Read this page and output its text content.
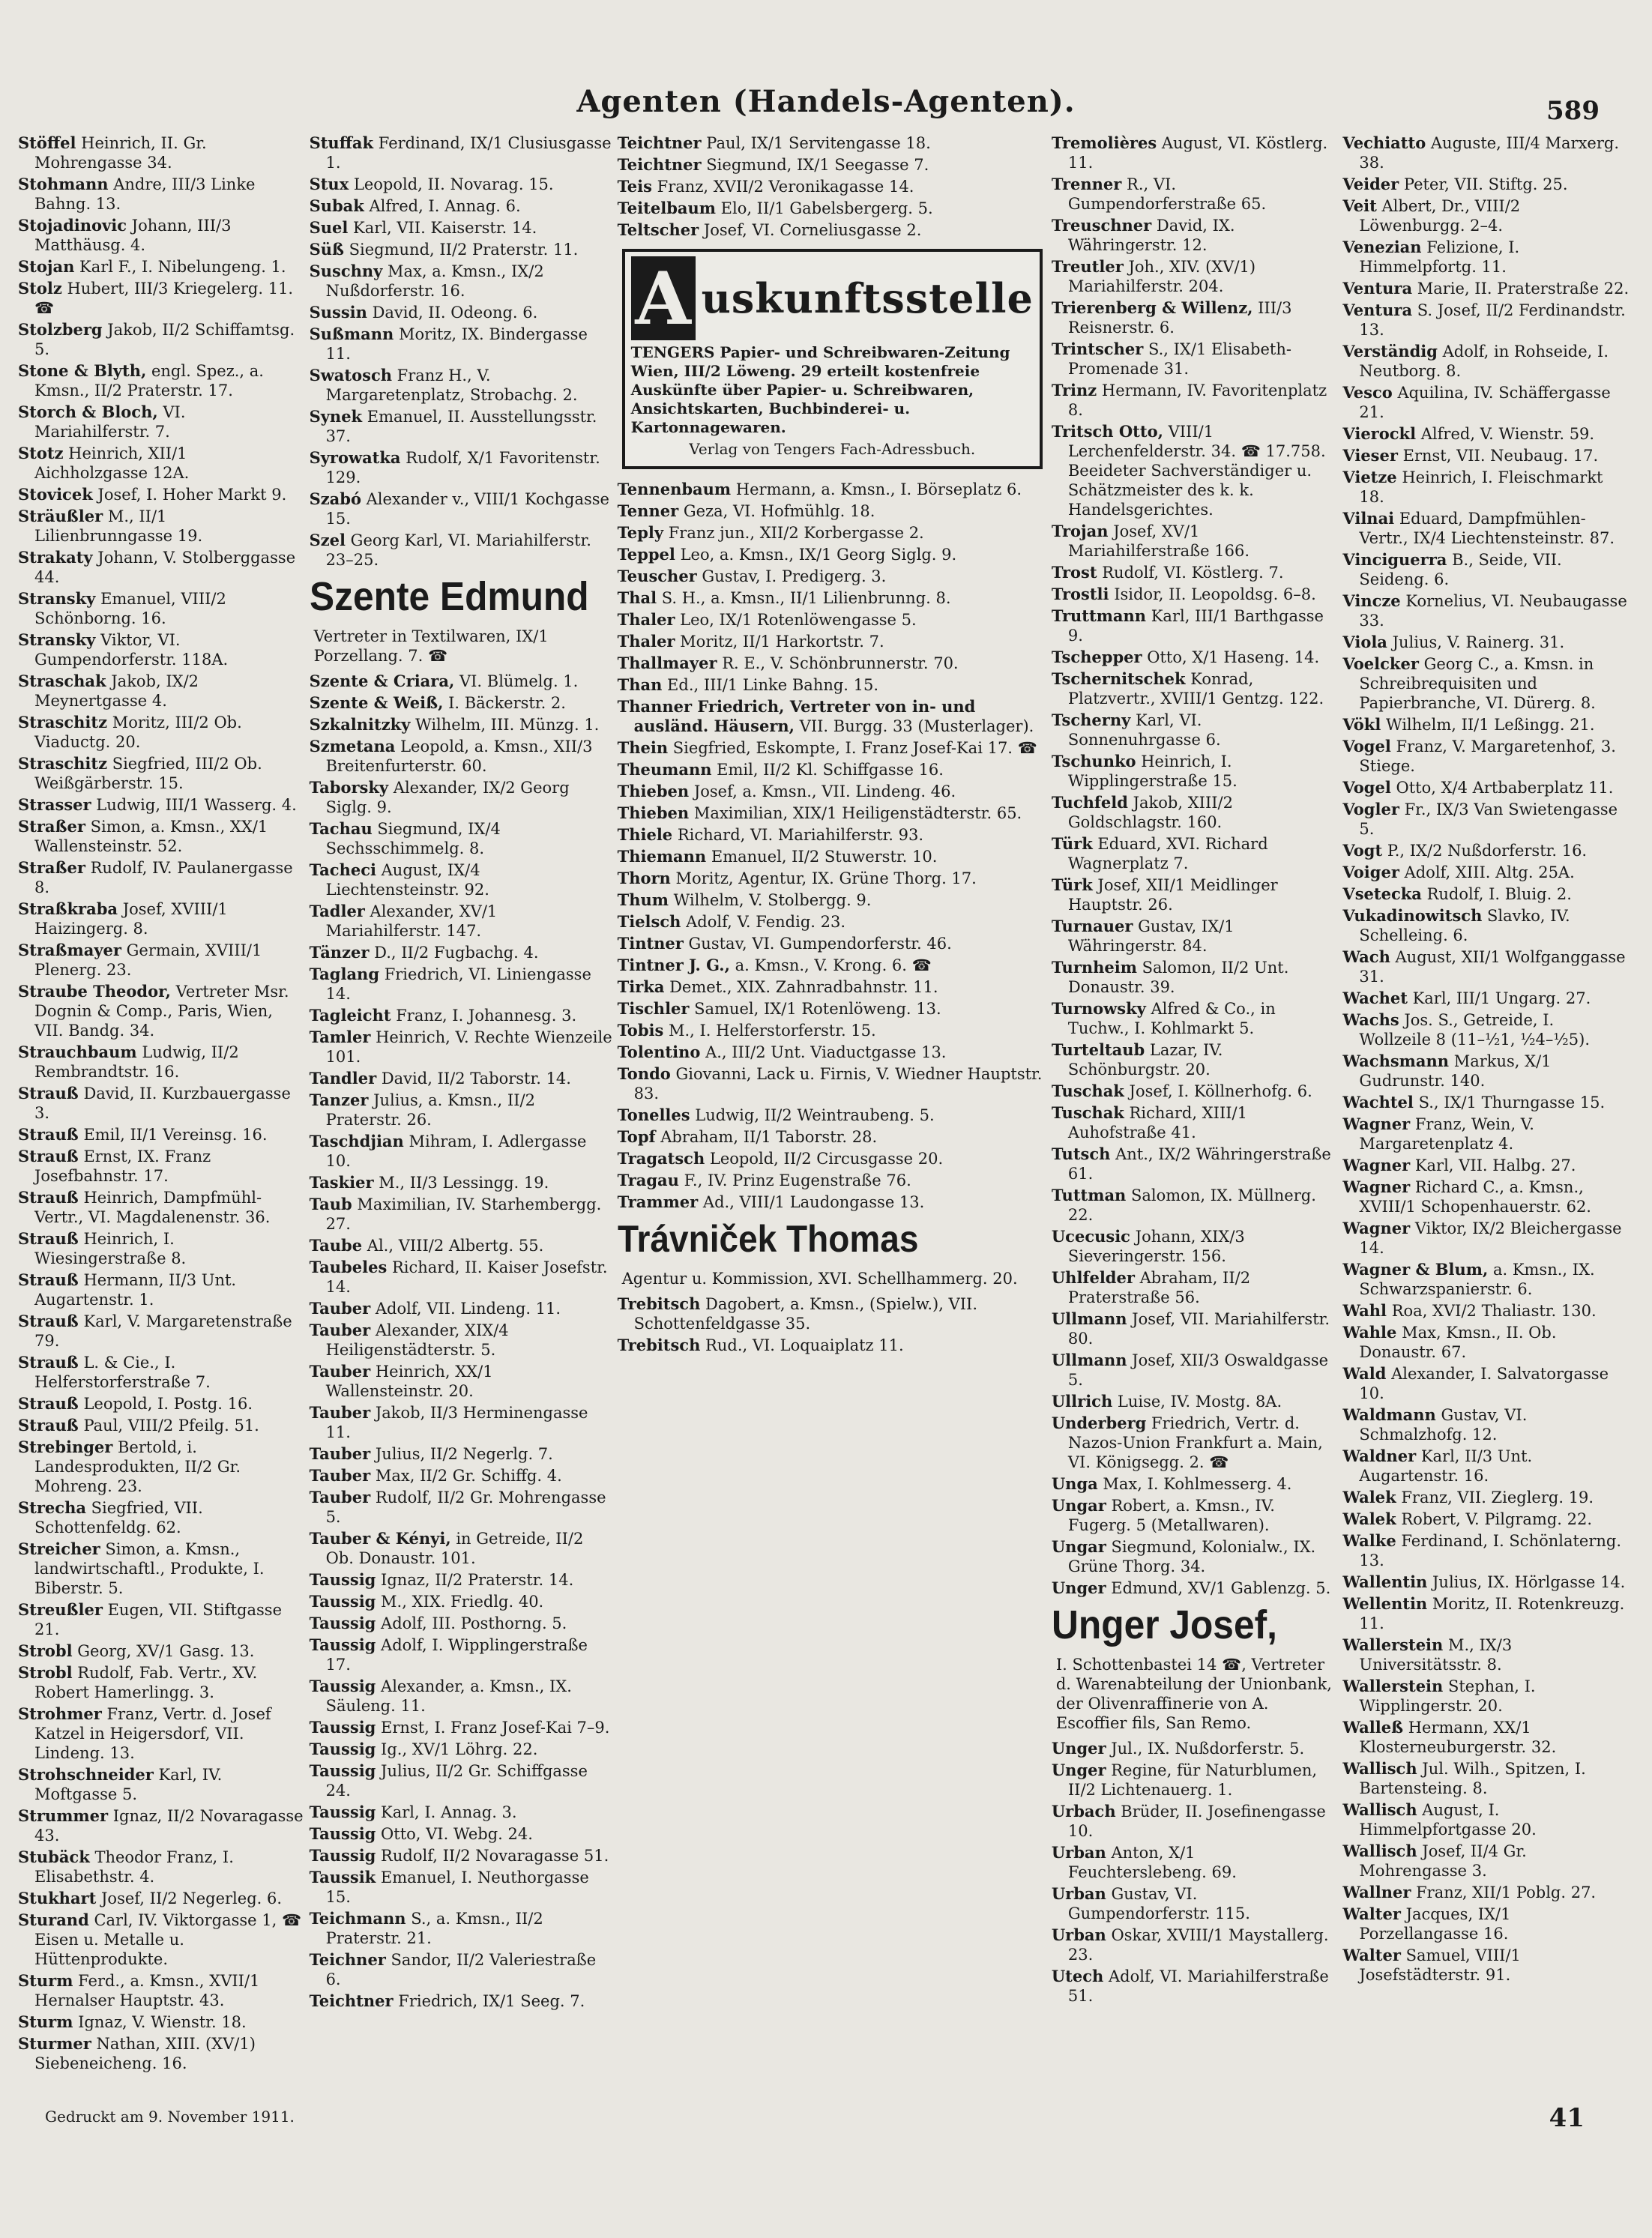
Agenten (Handels-Agenten).	589
Stöffel Heinrich, II. Gr. Mohrengasse 34.
Stohmann Andre, III/3 Linke Bahng. 13.
Stojadinovic Johann, III/3 Matthäusg. 4.
Stojan Karl F., I. Nibelungeng. 1.
Stolz Hubert, III/3 Kriegelerg. 11. ☎
Stolzberg Jakob, II/2 Schiffamtsg. 5.
Stone & Blyth, engl. Spez., a. Kmsn., II/2 Praterstr. 17.
Storch & Bloch, VI. Mariahilferstr. 7.
Stotz Heinrich, XII/1 Aichholzgasse 12A.
Stovicek Josef, I. Hoher Markt 9.
Sträußler M., II/1 Lilienbrunngasse 19.
Strakaty Johann, V. Stolberggasse 44.
Stransky Emanuel, VIII/2 Schönborng. 16.
Stransky Viktor, VI. Gumpendorferstr. 118A.
Straschak Jakob, IX/2 Meynertgasse 4.
Straschitz Moritz, III/2 Ob. Viaductg. 20.
Straschitz Siegfried, III/2 Ob. Weißgärberstr. 15.
Strasser Ludwig, III/1 Wasserg. 4.
Straßer Simon, a. Kmsn., XX/1 Wallensteinstr. 52.
Straßer Rudolf, IV. Paulanergasse 8.
Straßkraba Josef, XVIII/1 Haizingerg. 8.
Straßmayer Germain, XVIII/1 Plenerg. 23.
Straube Theodor, Vertreter Msr. Dognin & Comp., Paris, Wien, VII. Bandg. 34.
Strauchbaum Ludwig, II/2 Rembrandtstr. 16.
Strauß David, II. Kurzbauergasse 3.
Strauß Emil, II/1 Vereinsg. 16.
Strauß Ernst, IX. Franz Josefbahnstr. 17.
Strauß Heinrich, Dampfmühl-Vertr., VI. Magdalenenstr. 36.
Strauß Heinrich, I. Wiesingerstraße 8.
Strauß Hermann, II/3 Unt. Augartenstr. 1.
Strauß Karl, V. Margaretenstraße 79.
Strauß L. & Cie., I. Helferstorferstraße 7.
Strauß Leopold, I. Postg. 16.
Strauß Paul, VIII/2 Pfeilg. 51.
Strebinger Bertold, i. Landesprodukten, II/2 Gr. Mohreng. 23.
Strecha Siegfried, VII. Schottenfeldg. 62.
Streicher Simon, a. Kmsn., landwirtschaftl., Produkte, I. Biberstr. 5.
Streußler Eugen, VII. Stiftgasse 21.
Strobl Georg, XV/1 Gasg. 13.
Strobl Rudolf, Fab. Vertr., XV. Robert Hamerlingg. 3.
Strohmer Franz, Vertr. d. Josef Katzel in Heigersdorf, VII. Lindeng. 13.
Strohschneider Karl, IV. Moftgasse 5.
Strummer Ignaz, II/2 Novaragasse 43.
Stubäck Theodor Franz, I. Elisabethstr. 4.
Stukhart Josef, II/2 Negerleg. 6.
Sturand Carl, IV. Viktorgasse 1, ☎ Eisen u. Metalle u. Hüttenprodukte.
Sturm Ferd., a. Kmsn., XVII/1 Hernalser Hauptstr. 43.
Sturm Ignaz, V. Wienstr. 18.
Sturmer Nathan, XIII. (XV/1) Siebeneicheng. 16.
Stuffak Ferdinand, IX/1 Clusiusgasse 1.
Stux Leopold, II. Novarag. 15.
Subak Alfred, I. Annag. 6.
Suel Karl, VII. Kaiserstr. 14.
Süß Siegmund, II/2 Praterstr. 11.
Suschny Max, a. Kmsn., IX/2 Nußdorferstr. 16.
Sussin David, II. Odeong. 6.
Sußmann Moritz, IX. Bindergasse 11.
Swatosch Franz H., V. Margaretenplatz, Strobachg. 2.
Synek Emanuel, II. Ausstellungsstr. 37.
Syrowatka Rudolf, X/1 Favoritenstr. 129.
Szabó Alexander v., VIII/1 Kochgasse 15.
Szel Georg Karl, VI. Mariahilferstr. 23–25.
Szente Edmund
Vertreter in Textilwaren, IX/1 Porzellang. 7. ☎
Szente & Criara, VI. Blümelg. 1.
Szente & Weiß, I. Bäckerstr. 2.
Szkalnitzky Wilhelm, III. Münzg. 1.
Szmetana Leopold, a. Kmsn., XII/3 Breitenfurterstr. 60.
Taborsky Alexander, IX/2 Georg Siglg. 9.
Tachau Siegmund, IX/4 Sechsschimmelg. 8.
Tacheci August, IX/4 Liechtensteinstr. 92.
Tadler Alexander, XV/1 Mariahilferstr. 147.
Tänzer D., II/2 Fugbachg. 4.
Taglang Friedrich, VI. Liniengasse 14.
Tagleicht Franz, I. Johannesg. 3.
Tamler Heinrich, V. Rechte Wienzeile 101.
Tandler David, II/2 Taborstr. 14.
Tanzer Julius, a. Kmsn., II/2 Praterstr. 26.
Taschdjian Mihram, I. Adlergasse 10.
Taskier M., II/3 Lessingg. 19.
Taub Maximilian, IV. Starhembergg. 27.
Taube Al., VIII/2 Albertg. 55.
Taubeles Richard, II. Kaiser Josefstr. 14.
Tauber Adolf, VII. Lindeng. 11.
Tauber Alexander, XIX/4 Heiligenstädterstr. 5.
Tauber Heinrich, XX/1 Wallensteinstr. 20.
Tauber Jakob, II/3 Herminengasse 11.
Tauber Julius, II/2 Negerlg. 7.
Tauber Max, II/2 Gr. Schiffg. 4.
Tauber Rudolf, II/2 Gr. Mohrengasse 5.
Tauber & Kényi, in Getreide, II/2 Ob. Donaustr. 101.
Taussig Ignaz, II/2 Praterstr. 14.
Taussig M., XIX. Friedlg. 40.
Taussig Adolf, III. Posthorng. 5.
Taussig Adolf, I. Wipplingerstraße 17.
Taussig Alexander, a. Kmsn., IX. Säuleng. 11.
Taussig Ernst, I. Franz Josef-Kai 7–9.
Taussig Ig., XV/1 Löhrg. 22.
Taussig Julius, II/2 Gr. Schiffgasse 24.
Taussig Karl, I. Annag. 3.
Taussig Otto, VI. Webg. 24.
Taussig Rudolf, II/2 Novaragasse 51.
Taussik Emanuel, I. Neuthorgasse 15.
Teichmann S., a. Kmsn., II/2 Praterstr. 21.
Teichner Sandor, II/2 Valeriestraße 6.
Teichtner Friedrich, IX/1 Seeg. 7.
Teichtner Paul, IX/1 Servitengasse 18.
Teichtner Siegmund, IX/1 Seegasse 7.
Teis Franz, XVII/2 Veronikagasse 14.
Teitelbaum Elo, II/1 Gabelsbergerg. 5.
Teltscher Josef, VI. Corneliusgasse 2.
A uskunftsstelle
TENGERS Papier- und Schreibwaren-Zeitung Wien, III/2 Löweng. 29 erteilt kostenfreie Auskünfte über Papier- u. Schreibwaren, Ansichtskarten, Buchbinderei- u. Kartonnagewaren.
Verlag von Tengers Fach-Adressbuch.
Tennenbaum Hermann, a. Kmsn., I. Börseplatz 6.
Tenner Geza, VI. Hofmühlg. 18.
Teply Franz jun., XII/2 Korbergasse 2.
Teppel Leo, a. Kmsn., IX/1 Georg Siglg. 9.
Teuscher Gustav, I. Predigerg. 3.
Thal S. H., a. Kmsn., II/1 Lilienbrunng. 8.
Thaler Leo, IX/1 Rotenlöwengasse 5.
Thaler Moritz, II/1 Harkortstr. 7.
Thallmayer R. E., V. Schönbrunnerstr. 70.
Than Ed., III/1 Linke Bahng. 15.
Thanner Friedrich, Vertreter von in- und ausländ. Häusern, VII. Burgg. 33 (Musterlager).
Thein Siegfried, Eskompte, I. Franz Josef-Kai 17. ☎
Theumann Emil, II/2 Kl. Schiffgasse 16.
Thieben Josef, a. Kmsn., VII. Lindeng. 46.
Thieben Maximilian, XIX/1 Heiligenstädterstr. 65.
Thiele Richard, VI. Mariahilferstr. 93.
Thiemann Emanuel, II/2 Stuwerstr. 10.
Thorn Moritz, Agentur, IX. Grüne Thorg. 17.
Thum Wilhelm, V. Stolbergg. 9.
Tielsch Adolf, V. Fendig. 23.
Tintner Gustav, VI. Gumpendorferstr. 46.
Tintner J. G., a. Kmsn., V. Krong. 6. ☎
Tirka Demet., XIX. Zahnradbahnstr. 11.
Tischler Samuel, IX/1 Rotenlöweng. 13.
Tobis M., I. Helferstorferstr. 15.
Tolentino A., III/2 Unt. Viaductgasse 13.
Tondo Giovanni, Lack u. Firnis, V. Wiedner Hauptstr. 83.
Tonelles Ludwig, II/2 Weintraubeng. 5.
Topf Abraham, II/1 Taborstr. 28.
Tragatsch Leopold, II/2 Circusgasse 20.
Tragau F., IV. Prinz Eugenstraße 76.
Trammer Ad., VIII/1 Laudongasse 13.
Trávniček Thomas
Agentur u. Kommission, XVI. Schellhammerg. 20.
Trebitsch Dagobert, a. Kmsn., (Spielw.), VII. Schottenfeldgasse 35.
Trebitsch Rud., VI. Loquaiplatz 11.
Tremolières August, VI. Köstlerg. 11.
Trenner R., VI. Gumpendorferstraße 65.
Treuschner David, IX. Währingerstr. 12.
Treutler Joh., XIV. (XV/1) Mariahilferstr. 204.
Trierenberg & Willenz, III/3 Reisnerstr. 6.
Trintscher S., IX/1 Elisabeth-Promenade 31.
Trinz Hermann, IV. Favoritenplatz 8.
Tritsch Otto, VIII/1 Lerchenfelderstr. 34. ☎ 17.758. Beeideter Sachverständiger u. Schätzmeister des k. k. Handelsgerichtes.
Trojan Josef, XV/1 Mariahilferstraße 166.
Trost Rudolf, VI. Köstlerg. 7.
Trostli Isidor, II. Leopoldsg. 6–8.
Truttmann Karl, III/1 Barthgasse 9.
Tschepper Otto, X/1 Haseng. 14.
Tschernitschek Konrad, Platzvertr., XVIII/1 Gentzg. 122.
Tscherny Karl, VI. Sonnenuhrgasse 6.
Tschunko Heinrich, I. Wipplingerstraße 15.
Tuchfeld Jakob, XIII/2 Goldschlagstr. 160.
Türk Eduard, XVI. Richard Wagnerplatz 7.
Türk Josef, XII/1 Meidlinger Hauptstr. 26.
Turnauer Gustav, IX/1 Währingerstr. 84.
Turnheim Salomon, II/2 Unt. Donaustr. 39.
Turnowsky Alfred & Co., in Tuchw., I. Kohlmarkt 5.
Turteltaub Lazar, IV. Schönburgstr. 20.
Tuschak Josef, I. Köllnerhofg. 6.
Tuschak Richard, XIII/1 Auhofstraße 41.
Tutsch Ant., IX/2 Währingerstraße 61.
Tuttman Salomon, IX. Müllnerg. 22.
Ucecusic Johann, XIX/3 Sieveringerstr. 156.
Uhlfelder Abraham, II/2 Praterstraße 56.
Ullmann Josef, VII. Mariahilferstr. 80.
Ullmann Josef, XII/3 Oswaldgasse 5.
Ullrich Luise, IV. Mostg. 8A.
Underberg Friedrich, Vertr. d. Nazos-Union Frankfurt a. Main, VI. Königsegg. 2. ☎
Unga Max, I. Kohlmesserg. 4.
Ungar Robert, a. Kmsn., IV. Fugerg. 5 (Metallwaren).
Ungar Siegmund, Kolonialw., IX. Grüne Thorg. 34.
Unger Edmund, XV/1 Gablenzg. 5.
Unger Josef,
I. Schottenbastei 14 ☎, Vertreter d. Warenabteilung der Unionbank, der Olivenraffinerie von A. Escoffier fils, San Remo.
Unger Jul., IX. Nußdorferstr. 5.
Unger Regine, für Naturblumen, II/2 Lichtenauerg. 1.
Urbach Brüder, II. Josefinengasse 10.
Urban Anton, X/1 Feuchterslebeng. 69.
Urban Gustav, VI. Gumpendorferstr. 115.
Urban Oskar, XVIII/1 Maystallerg. 23.
Utech Adolf, VI. Mariahilferstraße 51.
Vechiatto Auguste, III/4 Marxerg. 38.
Veider Peter, VII. Stiftg. 25.
Veit Albert, Dr., VIII/2 Löwenburgg. 2–4.
Venezian Felizione, I. Himmelpfortg. 11.
Ventura Marie, II. Praterstraße 22.
Ventura S. Josef, II/2 Ferdinandstr. 13.
Verständig Adolf, in Rohseide, I. Neutborg. 8.
Vesco Aquilina, IV. Schäffergasse 21.
Vierockl Alfred, V. Wienstr. 59.
Vieser Ernst, VII. Neubaug. 17.
Vietze Heinrich, I. Fleischmarkt 18.
Vilnai Eduard, Dampfmühlen-Vertr., IX/4 Liechtensteinstr. 87.
Vinciguerra B., Seide, VII. Seideng. 6.
Vincze Kornelius, VI. Neubaugasse 33.
Viola Julius, V. Rainerg. 31.
Voelcker Georg C., a. Kmsn. in Schreibrequisiten und Papierbranche, VI. Dürerg. 8.
Vökl Wilhelm, II/1 Leßingg. 21.
Vogel Franz, V. Margaretenhof, 3. Stiege.
Vogel Otto, X/4 Artbaberplatz 11.
Vogler Fr., IX/3 Van Swietengasse 5.
Vogt P., IX/2 Nußdorferstr. 16.
Voiger Adolf, XIII. Altg. 25A.
Vsetecka Rudolf, I. Bluig. 2.
Vukadinowitsch Slavko, IV. Schelleing. 6.
Wach August, XII/1 Wolfganggasse 31.
Wachet Karl, III/1 Ungarg. 27.
Wachs Jos. S., Getreide, I. Wollzeile 8 (11–½1, ½4–½5).
Wachsmann Markus, X/1 Gudrunstr. 140.
Wachtel S., IX/1 Thurngasse 15.
Wagner Franz, Wein, V. Margaretenplatz 4.
Wagner Karl, VII. Halbg. 27.
Wagner Richard C., a. Kmsn., XVIII/1 Schopenhauerstr. 62.
Wagner Viktor, IX/2 Bleichergasse 14.
Wagner & Blum, a. Kmsn., IX. Schwarzspanierstr. 6.
Wahl Roa, XVI/2 Thaliastr. 130.
Wahle Max, Kmsn., II. Ob. Donaustr. 67.
Wald Alexander, I. Salvatorgasse 10.
Waldmann Gustav, VI. Schmalzhofg. 12.
Waldner Karl, II/3 Unt. Augartenstr. 16.
Walek Franz, VII. Zieglerg. 19.
Walek Robert, V. Pilgramg. 22.
Walke Ferdinand, I. Schönlaterng. 13.
Wallentin Julius, IX. Hörlgasse 14.
Wellentin Moritz, II. Rotenkreuzg. 11.
Wallerstein M., IX/3 Universitätsstr. 8.
Wallerstein Stephan, I. Wipplingerstr. 20.
Walleß Hermann, XX/1 Klosterneuburgerstr. 32.
Wallisch Jul. Wilh., Spitzen, I. Bartensteing. 8.
Wallisch August, I. Himmelpfortgasse 20.
Wallisch Josef, II/4 Gr. Mohrengasse 3.
Wallner Franz, XII/1 Poblg. 27.
Walter Jacques, IX/1 Porzellangasse 16.
Walter Samuel, VIII/1 Josefstädterstr. 91.
Gedruckt am 9. November 1911.	41
